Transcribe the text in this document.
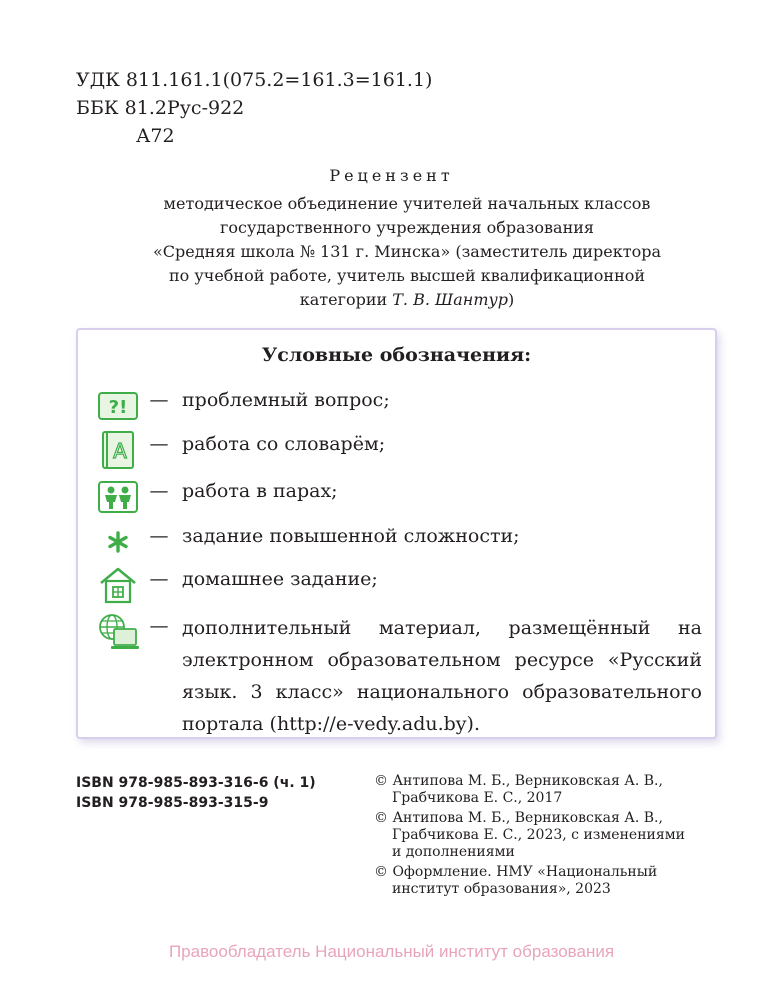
УДК 811.161.1(075.2=161.3=161.1)
ББК 81.2Рус-922
А72
Рецензент
методическое объединение учителей начальных классов
государственного учреждения образования
«Средняя школа № 131 г. Минска» (заместитель директора
по учебной работе, учитель высшей квалификационной
категории Т. В. Шантур)
Условные обозначения:
?!	— проблемный вопрос;
A	— работа со словарём;
— работа в парах;
— задание повышенной сложности;
— домашнее задание;
— дополнительный материал, размещённый на электронном образовательном ресурсе «Русский язык. 3 класс» национального образовательного портала (http://e-vedy.adu.by).
ISBN 978-985-893-316-6 (ч. 1)
ISBN 978-985-893-315-9
© Антипова М. Б., Верниковская А. В.,
Грабчикова Е. С., 2017
© Антипова М. Б., Верниковская А. В.,
Грабчикова Е. С., 2023, с изменениями
и дополнениями
© Оформление. НМУ «Национальный
институт образования», 2023
Правообладатель Национальный институт образования
